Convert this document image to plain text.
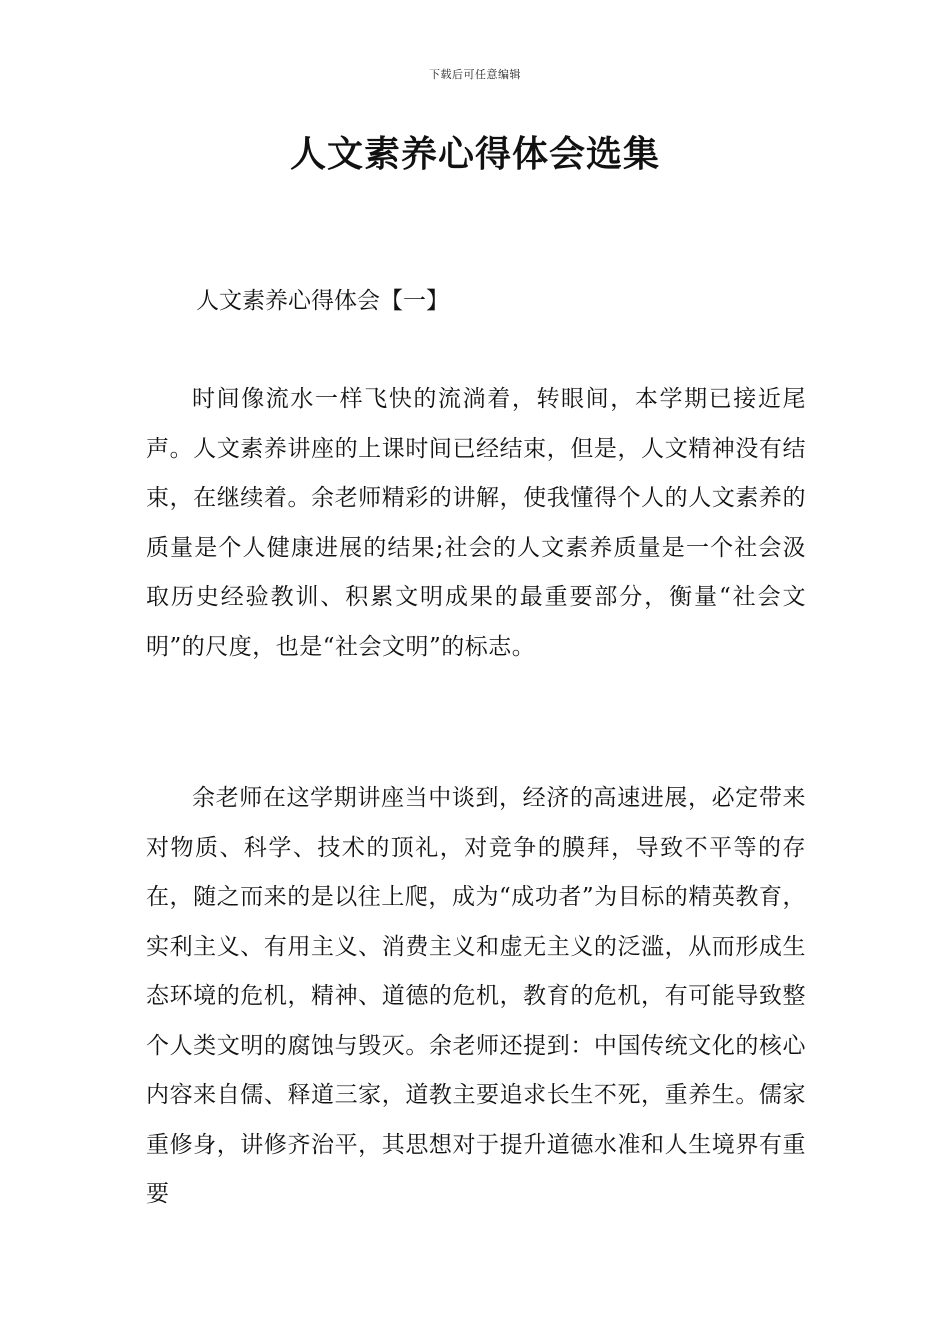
下载后可任意编辑
人文素养心得体会选集
人文素养心得体会【一】

时间像流水一样飞快的流淌着，转眼间，本学期已接近尾声。人文素养讲座的上课时间已经结束，但是，人文精神没有结束，在继续着。余老师精彩的讲解，使我懂得个人的人文素养的质量是个人健康进展的结果;社会的人文素养质量是一个社会汲取历史经验教训、积累文明成果的最重要部分，衡量“社会文明”的尺度，也是“社会文明”的标志。

余老师在这学期讲座当中谈到，经济的高速进展，必定带来对物质、科学、技术的顶礼，对竞争的膜拜，导致不平等的存在，随之而来的是以往上爬，成为“成功者”为目标的精英教育，实利主义、有用主义、消费主义和虚无主义的泛滥，从而形成生态环境的危机，精神、道德的危机，教育的危机，有可能导致整个人类文明的腐蚀与毁灭。余老师还提到：中国传统文化的核心内容来自儒、释道三家，道教主要追求长生不死，重养生。儒家重修身，讲修齐治平，其思想对于提升道德水准和人生境界有重要
